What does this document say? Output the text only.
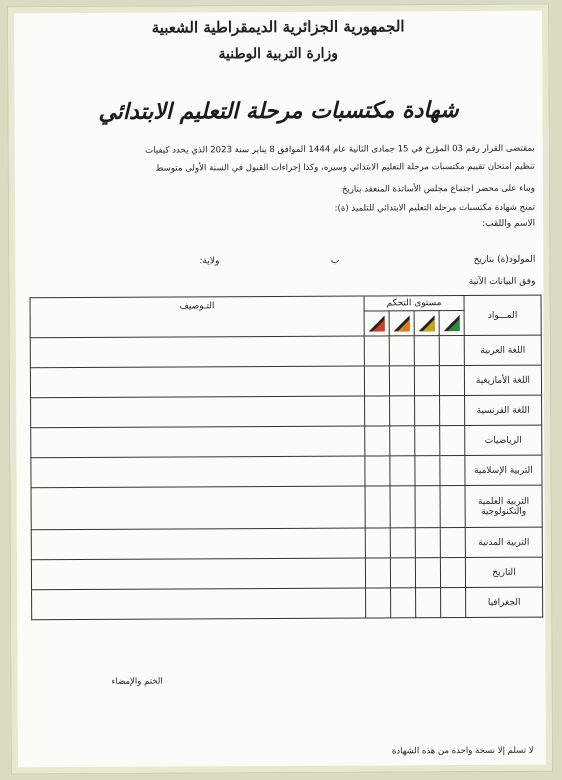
الجمهورية الجزائرية الديمقراطية الشعبية
وزارة التربية الوطنية
شهادة مكتسبات مرحلة التعليم الابتدائي
بمقتضى القرار رقم 03 المؤرخ في 15 جمادى الثانية عام 1444 الموافق 8 يناير سنة 2023 الذي يحدد كيفيات
تنظيم امتحان تقييم مكتسبات مرحلة التعليم الابتدائي وسيره، وكذا إجراءات القبول في السنة الأولى متوسط
وبناء على محضر اجتماع مجلس الأساتذة المنعقد بتاريخ
تمنح شهادة مكتسبات مرحلة التعليم الابتدائي للتلميذ (ة):
الاسم واللقب:
المولود(ة) بتاريخ
ب
ولاية:
وفق البيانات الآتية
المـــواد	مستوى التحكم				التـوصيف

اللغة العربية					
اللغة الأمازيغية					
اللغة الفرنسية					
الرياضيات					
التربية الإسلامية					
التربية العلمية والتكنولوجية					
التربية المدنية					
التاريخ					
الجغرافيا					
الختم والإمضاء
لا تسلم إلا نسخة واحدة من هذه الشهادة
